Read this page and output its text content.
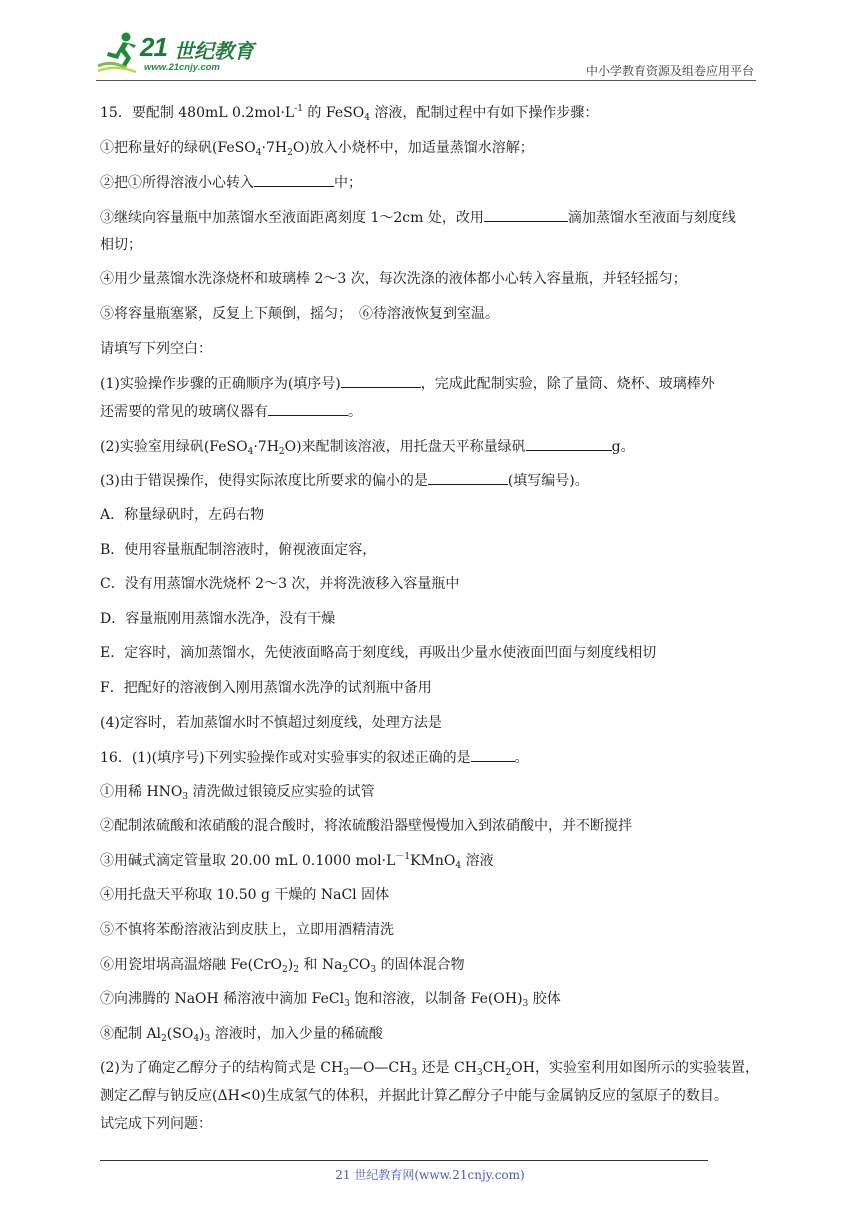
21 世纪教育
www.21cnjy.com	中小学教育资源及组卷应用平台
15．要配制 480mL $0.2mol\cdot L^{-1}$ 的 FeSO$_4$ 溶液，配制过程中有如下操作步骤：
①把称量好的绿矾$(FeSO_4\cdot 7H_2O)$放入小烧杯中，加适量蒸馏水溶解；
②把①所得溶液小心转入	中；
③继续向容量瓶中加蒸馏水至液面距离刻度 1～2cm 处，改用	滴加蒸馏水至液面与刻度线
相切；
④用少量蒸馏水洗涤烧杯和玻璃棒 2～3 次，每次洗涤的液体都小心转入容量瓶，并轻轻摇匀；
⑤将容量瓶塞紧，反复上下颠倒，摇匀；　⑥待溶液恢复到室温。
请填写下列空白：
(1)实验操作步骤的正确顺序为(填序号)	，完成此配制实验，除了量筒、烧杯、玻璃棒外
还需要的常见的玻璃仪器有	。
(2)实验室用绿矾$(FeSO_4\cdot 7H_2O)$来配制该溶液，用托盘天平称量绿矾	g。
(3)由于错误操作，使得实际浓度比所要求的偏小的是	(填写编号)。
A．称量绿矾时，左码右物
B．使用容量瓶配制溶液时，俯视液面定容，
C．没有用蒸馏水洗烧杯 2～3 次，并将洗液移入容量瓶中
D．容量瓶刚用蒸馏水洗净，没有干燥
E．定容时，滴加蒸馏水，先使液面略高于刻度线，再吸出少量水使液面凹面与刻度线相切
F．把配好的溶液倒入刚用蒸馏水洗净的试剂瓶中备用
(4)定容时，若加蒸馏水时不慎超过刻度线，处理方法是
16．(1)(填序号)下列实验操作或对实验事实的叙述正确的是	。
①用稀 $HNO_3$ 清洗做过银镜反应实验的试管
②配制浓硫酸和浓硝酸的混合酸时，将浓硫酸沿器壁慢慢加入到浓硝酸中，并不断搅拌
③用碱式滴定管量取 20.00 mL 0.1000 $mol\cdot L^{-1}KMnO_4$ 溶液
④用托盘天平称取 10.50 g 干燥的 NaCl 固体
⑤不慎将苯酚溶液沾到皮肤上，立即用酒精清洗
⑥用瓷坩埚高温熔融 $Fe(CrO_2)_2$ 和 $Na_2CO_3$ 的固体混合物
⑦向沸腾的 NaOH 稀溶液中滴加 FeCl$_3$ 饱和溶液，以制备 $Fe(OH)_3$ 胶体
⑧配制 $Al_2(SO_4)_3$ 溶液时，加入少量的稀硫酸
(2)为了确定乙醇分子的结构简式是 $CH_3—O—CH_3$ 还是 $CH_3CH_2OH$，实验室利用如图所示的实验装置，
测定乙醇与钠反应(ΔH<0)生成氢气的体积，并据此计算乙醇分子中能与金属钠反应的氢原子的数目。
试完成下列问题：
21 世纪教育网(www.21cnjy.com)
